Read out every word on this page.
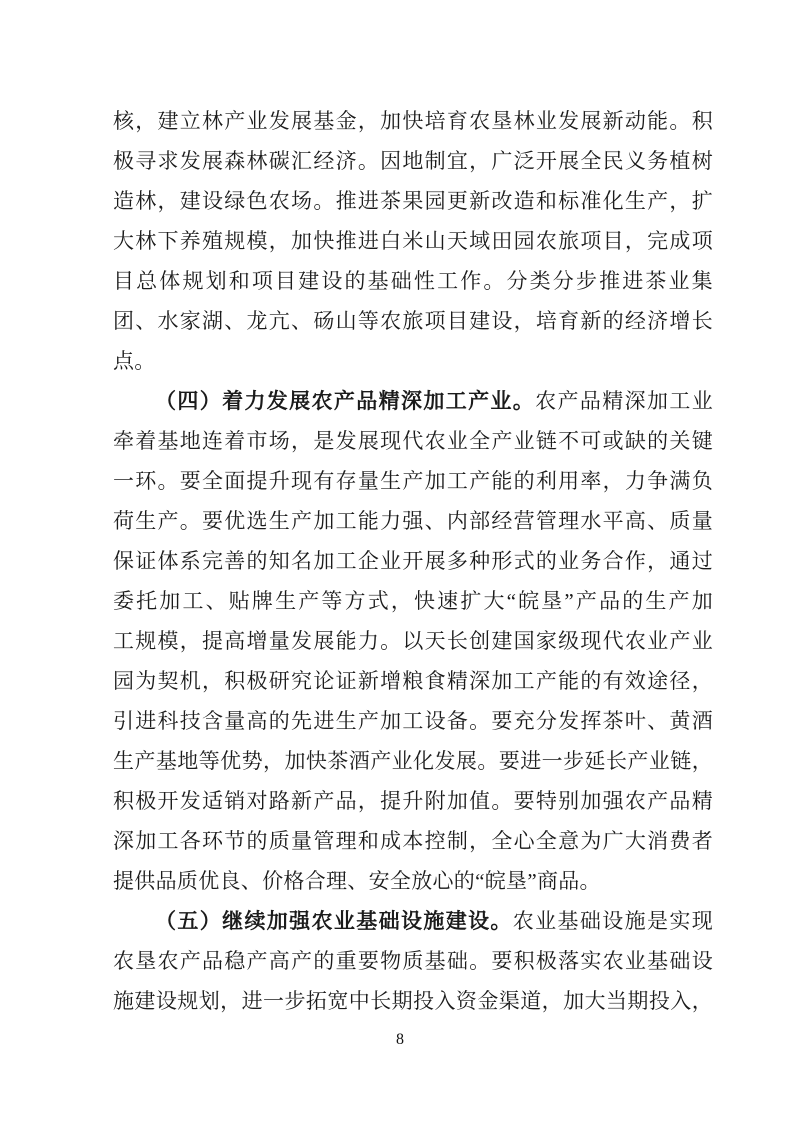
核，建立林产业发展基金，加快培育农垦林业发展新动能。积

极寻求发展森林碳汇经济。因地制宜，广泛开展全民义务植树

造林，建设绿色农场。推进茶果园更新改造和标准化生产，扩

大林下养殖规模，加快推进白米山天域田园农旅项目，完成项

目总体规划和项目建设的基础性工作。分类分步推进茶业集

团、水家湖、龙亢、砀山等农旅项目建设，培育新的经济增长

点。

（四）着力发展农产品精深加工产业。农产品精深加工业

牵着基地连着市场，是发展现代农业全产业链不可或缺的关键

一环。要全面提升现有存量生产加工产能的利用率，力争满负

荷生产。要优选生产加工能力强、内部经营管理水平高、质量

保证体系完善的知名加工企业开展多种形式的业务合作，通过

委托加工、贴牌生产等方式，快速扩大“皖垦”产品的生产加

工规模，提高增量发展能力。以天长创建国家级现代农业产业

园为契机，积极研究论证新增粮食精深加工产能的有效途径，

引进科技含量高的先进生产加工设备。要充分发挥茶叶、黄酒

生产基地等优势，加快茶酒产业化发展。要进一步延长产业链，

积极开发适销对路新产品，提升附加值。要特别加强农产品精

深加工各环节的质量管理和成本控制，全心全意为广大消费者

提供品质优良、价格合理、安全放心的“皖垦”商品。

（五）继续加强农业基础设施建设。农业基础设施是实现

农垦农产品稳产高产的重要物质基础。要积极落实农业基础设

施建设规划，进一步拓宽中长期投入资金渠道，加大当期投入，

8
